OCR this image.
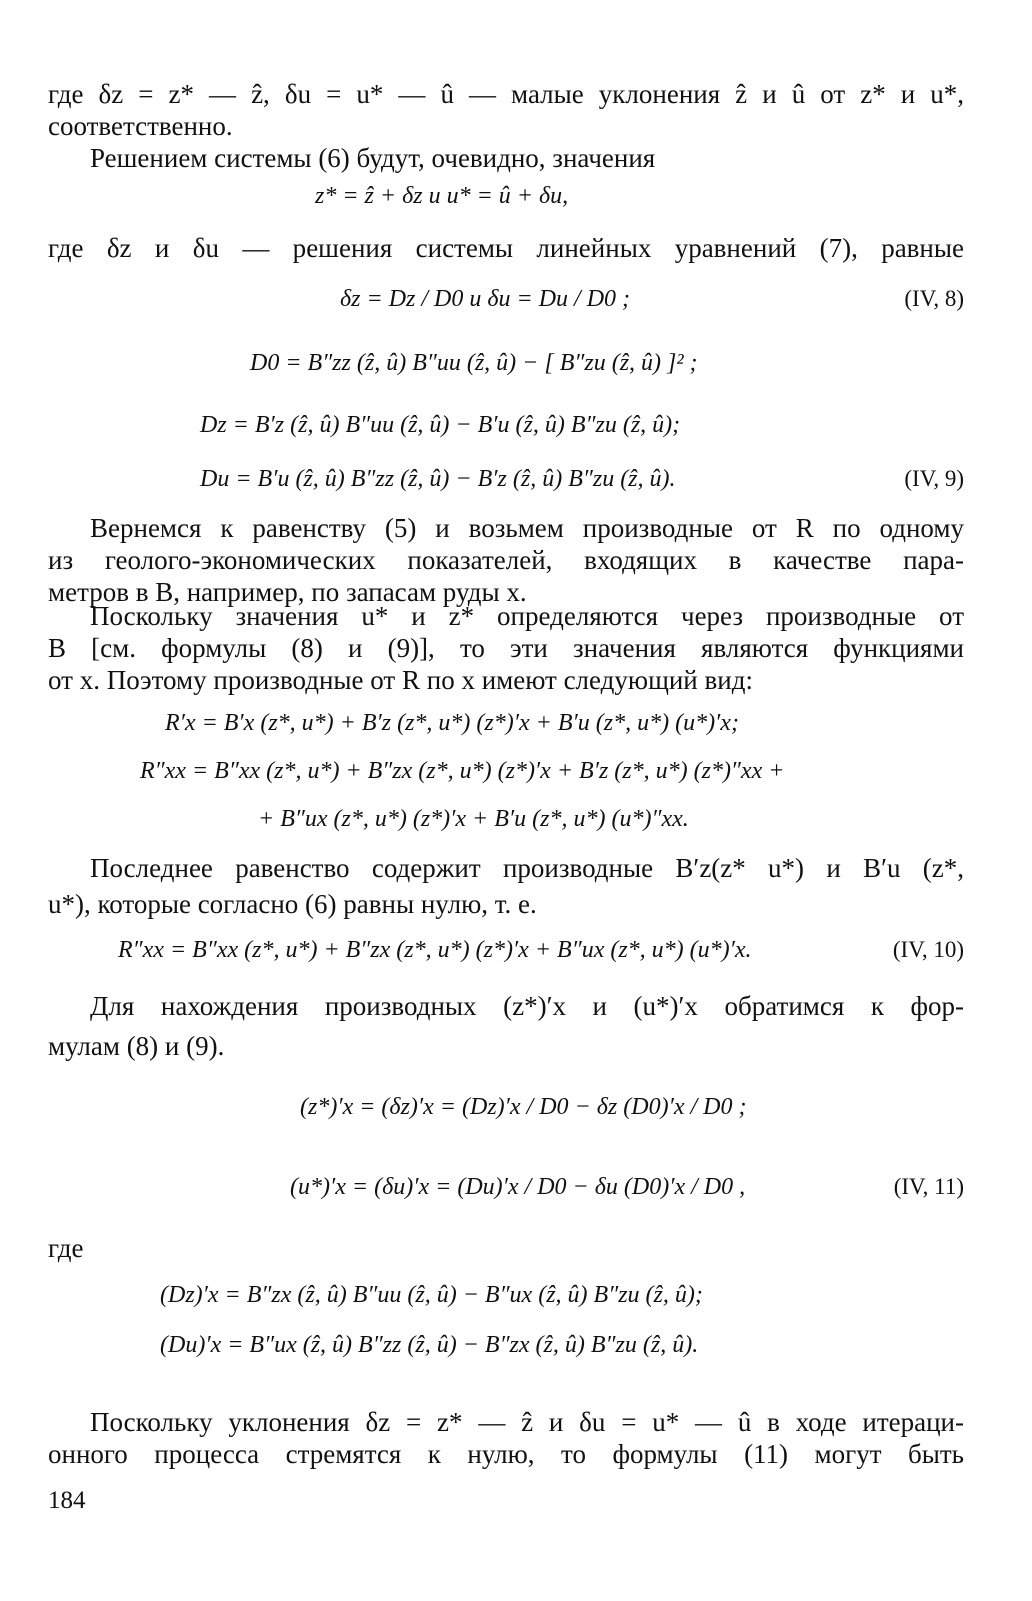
где δz = z* — ẑ, δu = u* — û — малые уклонения ẑ и û от z* и u*,
соответственно.
Решением системы (6) будут, очевидно, значения
z* = ẑ + δz и u* = û + δu,
где δz и δu — решения системы линейных уравнений (7), равные
δz = Dz / D0 и δu = Du / D0 ;	(IV, 8)
D0 = B″zz (ẑ, û) B″uu (ẑ, û) − [ B″zu (ẑ, û) ]² ;
Dz = B′z (ẑ, û) B″uu (ẑ, û) − B′u (ẑ, û) B″zu (ẑ, û);
Du = B′u (ẑ, û) B″zz (ẑ, û) − B′z (ẑ, û) B″zu (ẑ, û).	(IV, 9)
Вернемся к равенству (5) и возьмем производные от R по одному
из геолого-экономических показателей, входящих в качестве пара-
метров в B, например, по запасам руды x.
Поскольку значения u* и z* определяются через производные от
B [см. формулы (8) и (9)], то эти значения являются функциями
от x. Поэтому производные от R по x имеют следующий вид:
R′x = B′x (z*, u*) + B′z (z*, u*) (z*)′x + B′u (z*, u*) (u*)′x;
R″xx = B″xx (z*, u*) + B″zx (z*, u*) (z*)′x + B′z (z*, u*) (z*)″xx +
+ B″ux (z*, u*) (z*)′x + B′u (z*, u*) (u*)″xx.
Последнее равенство содержит производные B′z(z* u*) и B′u (z*,
u*), которые согласно (6) равны нулю, т. е.
R″xx = B″xx (z*, u*) + B″zx (z*, u*) (z*)′x + B″ux (z*, u*) (u*)′x.	(IV, 10)
Для нахождения производных (z*)′x и (u*)′x обратимся к фор-
мулам (8) и (9).
(z*)′x = (δz)′x = (Dz)′x / D0 − δz (D0)′x / D0 ;
(u*)′x = (δu)′x = (Du)′x / D0 − δu (D0)′x / D0 ,	(IV, 11)
где
(Dz)′x = B″zx (ẑ, û) B″uu (ẑ, û) − B″ux (ẑ, û) B″zu (ẑ, û);
(Du)′x = B″ux (ẑ, û) B″zz (ẑ, û) − B″zx (ẑ, û) B″zu (ẑ, û).
Поскольку уклонения δz = z* — ẑ и δu = u* — û в ходе итераци-
онного процесса стремятся к нулю, то формулы (11) могут быть
184
